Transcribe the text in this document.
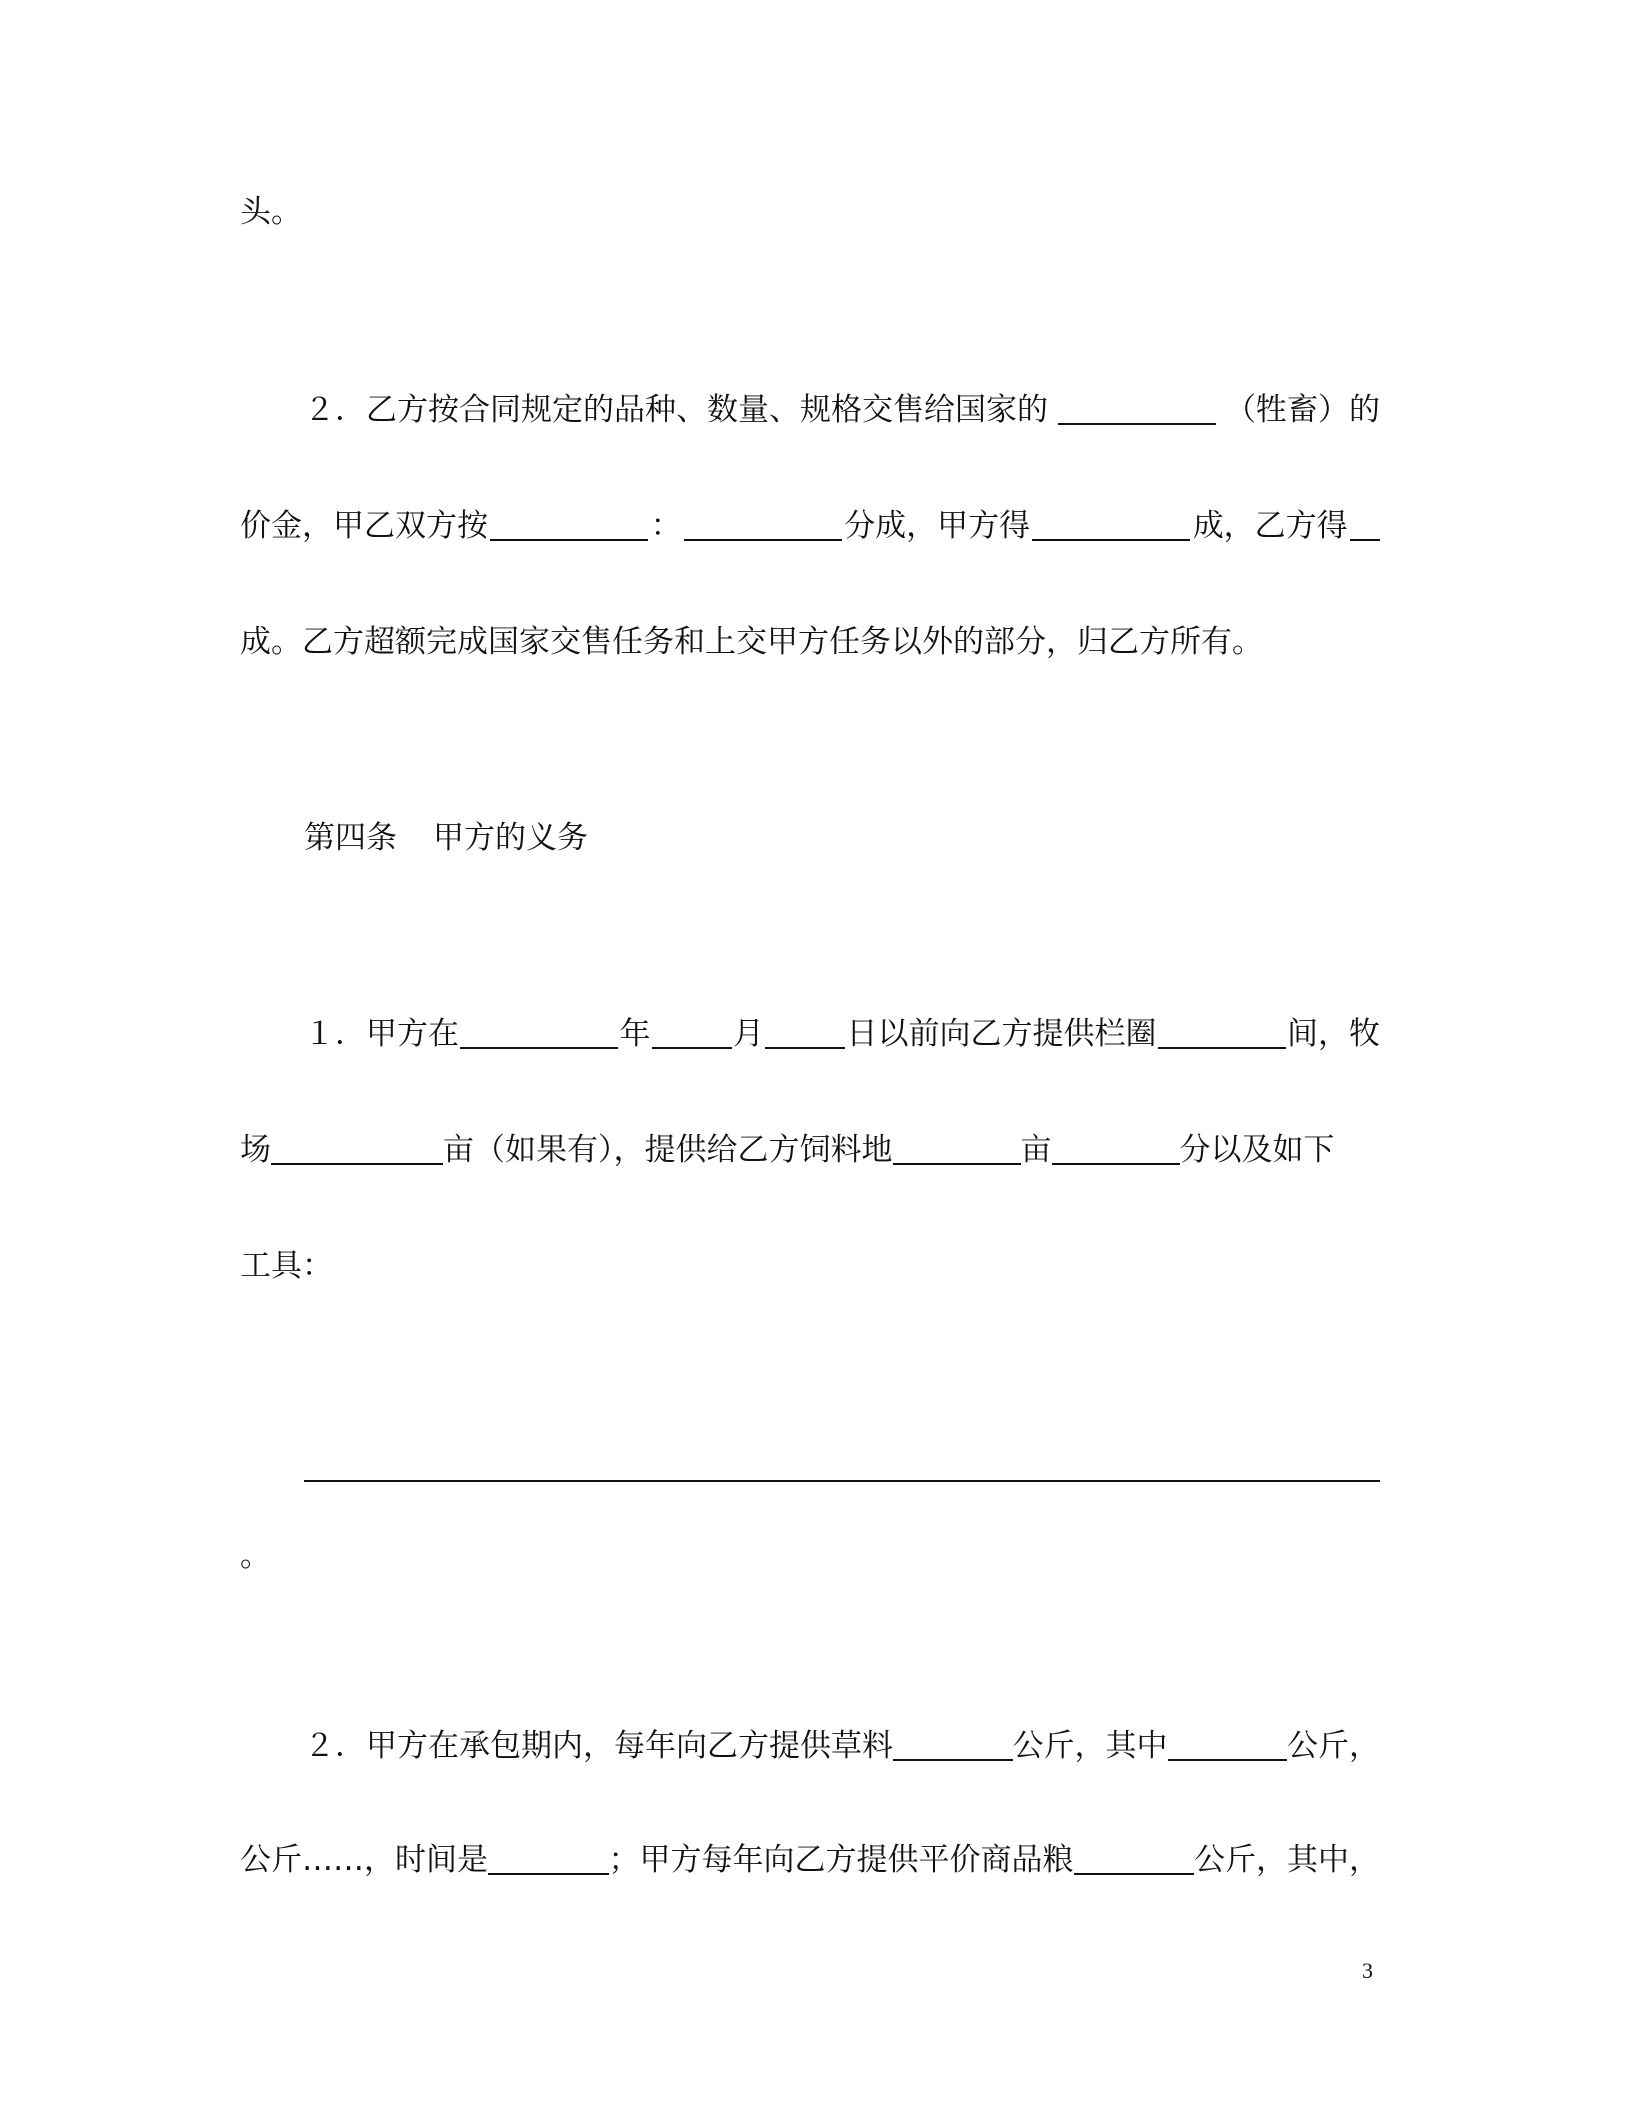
头。
２．乙方按合同规定的品种、数量、规格交售给国家的	（牲畜）的
价金，甲乙双方按	：	分成，甲方得	成，乙方得
成。乙方超额完成国家交售任务和上交甲方任务以外的部分，归乙方所有。
第四条 甲方的义务
１．甲方在	年	月	日以前向乙方提供栏圈	间，牧
场	亩（如果有），提供给乙方饲料地	亩	分以及如下
工具：
。
２．甲方在承包期内，每年向乙方提供草料	公斤，其中	公斤，
公斤……，时间是	；甲方每年向乙方提供平价商品粮	公斤，其中，
3
